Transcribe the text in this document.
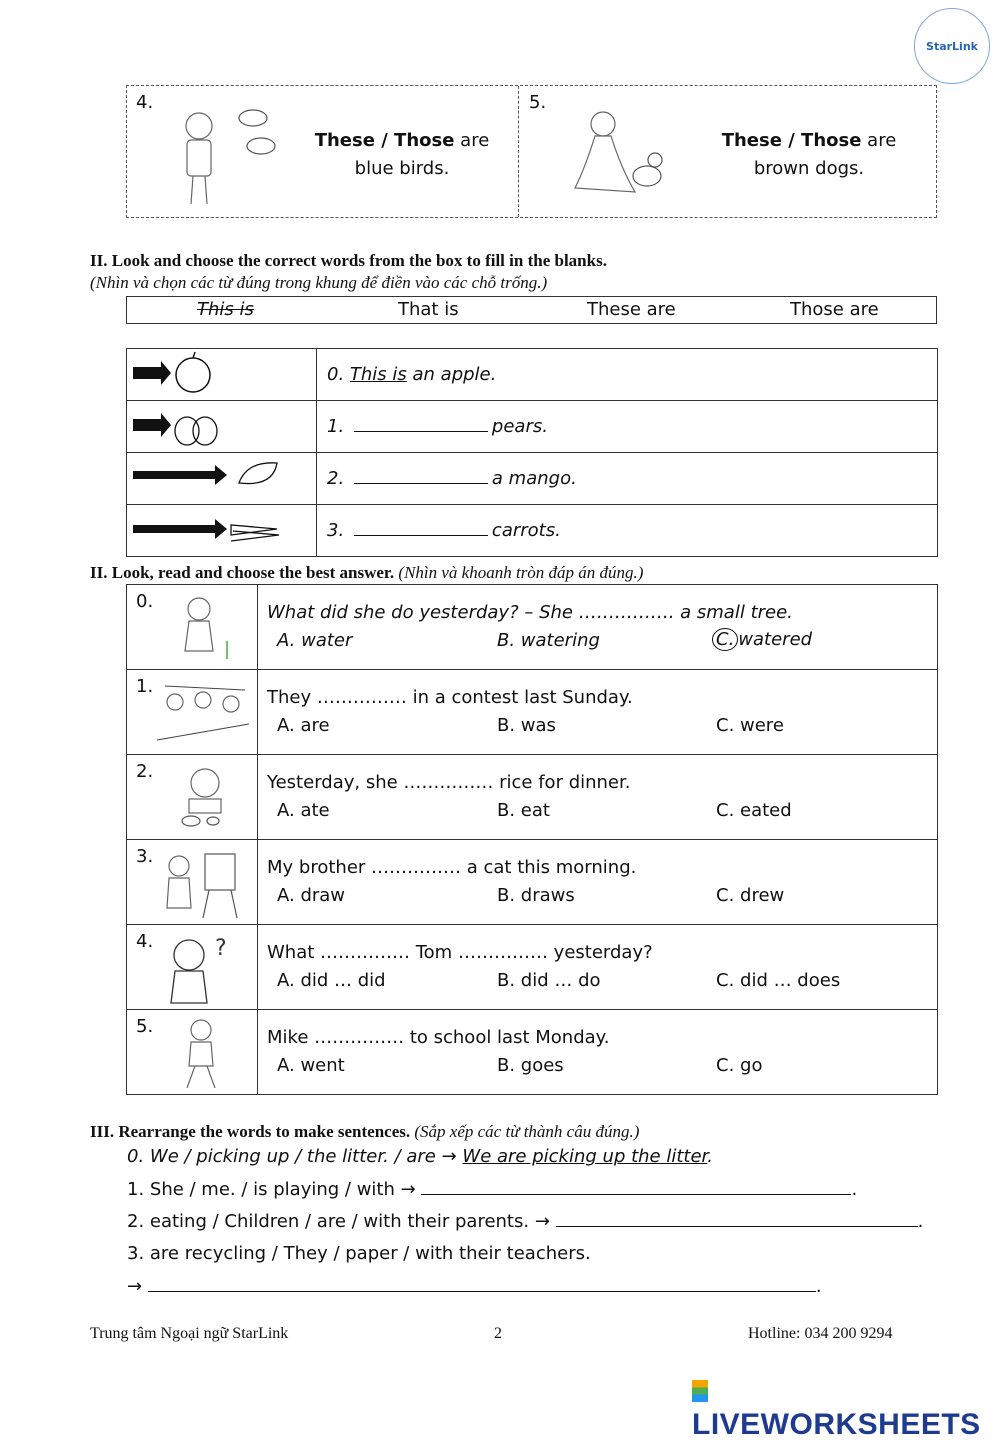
StarLink
4.
These / Those are
blue birds.
5.
These / Those are
brown dogs.
II. Look and choose the correct words from the box to fill in the blanks.
(Nhìn và chọn các từ đúng trong khung để điền vào các chỗ trống.)
This is	That is	These are	Those are
	0. This is an apple.
	1. pears.
	2. a mango.
	3. carrots.
II. Look, read and choose the best answer. (Nhìn và khoanh tròn đáp án đúng.)
0.	What did she do yesterday? – She ……………. a small tree.
A. water B. watering C. watered

1.	They …………… in a contest last Sunday.
A. are B. was C. were

2.	Yesterday, she …………… rice for dinner.
A. ate B. eat C. eated

3.	My brother …………… a cat this morning.
A. draw B. draws C. drew

4. ?	What …………… Tom …………… yesterday?
A. did … did B. did … do C. did … does

5.	Mike …………… to school last Monday.
A. went B. goes C. go
III. Rearrange the words to make sentences. (Sắp xếp các từ thành câu đúng.)
0. We / picking up / the litter. / are → We are picking up the litter.
1. She / me. / is playing / with →	.
2. eating / Children / are / with their parents. →	.
3. are recycling / They / paper / with their teachers.
→	.
Trung tâm Ngoại ngữ StarLink	2	Hotline: 034 200 9294
LIVEWORKSHEETS
